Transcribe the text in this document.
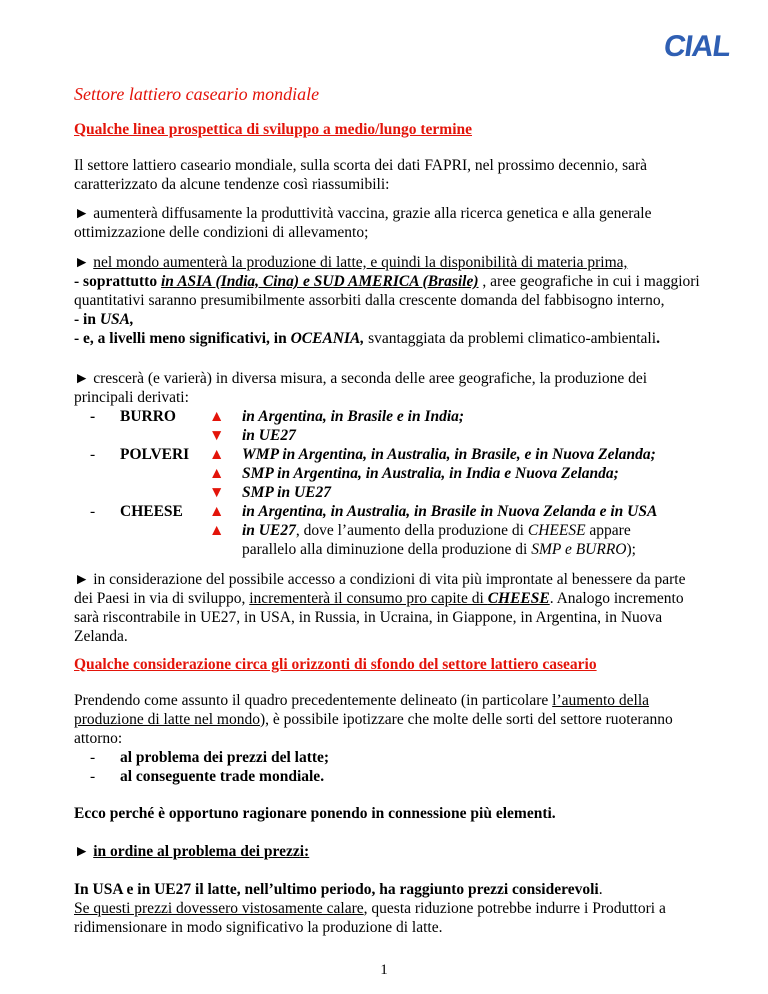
CIAL
Settore lattiero caseario mondiale
Qualche linea prospettica di sviluppo a medio/lungo termine
Il settore lattiero caseario mondiale, sulla scorta dei dati FAPRI, nel prossimo decennio, sarà caratterizzato da alcune tendenze così riassumibili:
► aumenterà diffusamente la produttività vaccina, grazie alla ricerca genetica e alla generale ottimizzazione delle condizioni di allevamento;
► nel mondo aumenterà la produzione di latte, e quindi la disponibilità di materia prima,
- soprattutto in ASIA (India, Cina) e SUD AMERICA (Brasile) , aree geografiche in cui i maggiori quantitativi saranno presumibilmente assorbiti dalla crescente domanda del fabbisogno interno,
- in USA,
- e, a livelli meno significativi, in OCEANIA, svantaggiata da problemi climatico-ambientali.
► crescerà (e varierà) in diversa misura, a seconda delle aree geografiche, la produzione dei principali derivati:
- BURRO ▲ in Argentina, in Brasile e in India;
▼ in UE27
- POLVERI ▲ WMP in Argentina, in Australia, in Brasile, e in Nuova Zelanda;
▲ SMP in Argentina, in Australia, in India e Nuova Zelanda;
▼ SMP in UE27
- CHEESE ▲ in Argentina, in Australia, in Brasile in Nuova Zelanda e in USA
▲ in UE27, dove l’aumento della produzione di CHEESE appare
parallelo alla diminuzione della produzione di SMP e BURRO);
► in considerazione del possibile accesso a condizioni di vita più improntate al benessere da parte dei Paesi in via di sviluppo, incrementerà il consumo pro capite di CHEESE. Analogo incremento sarà riscontrabile in UE27, in USA, in Russia, in Ucraina, in Giappone, in Argentina, in Nuova Zelanda.
Qualche considerazione circa gli orizzonti di sfondo del settore lattiero caseario
Prendendo come assunto il quadro precedentemente delineato (in particolare l’aumento della produzione di latte nel mondo), è possibile ipotizzare che molte delle sorti del settore ruoteranno attorno:
- al problema dei prezzi del latte;
- al conseguente trade mondiale.
Ecco perché è opportuno ragionare ponendo in connessione più elementi.
► in ordine al problema dei prezzi:
In USA e in UE27 il latte, nell’ultimo periodo, ha raggiunto prezzi considerevoli.
Se questi prezzi dovessero vistosamente calare, questa riduzione potrebbe indurre i Produttori a ridimensionare in modo significativo la produzione di latte.
1
